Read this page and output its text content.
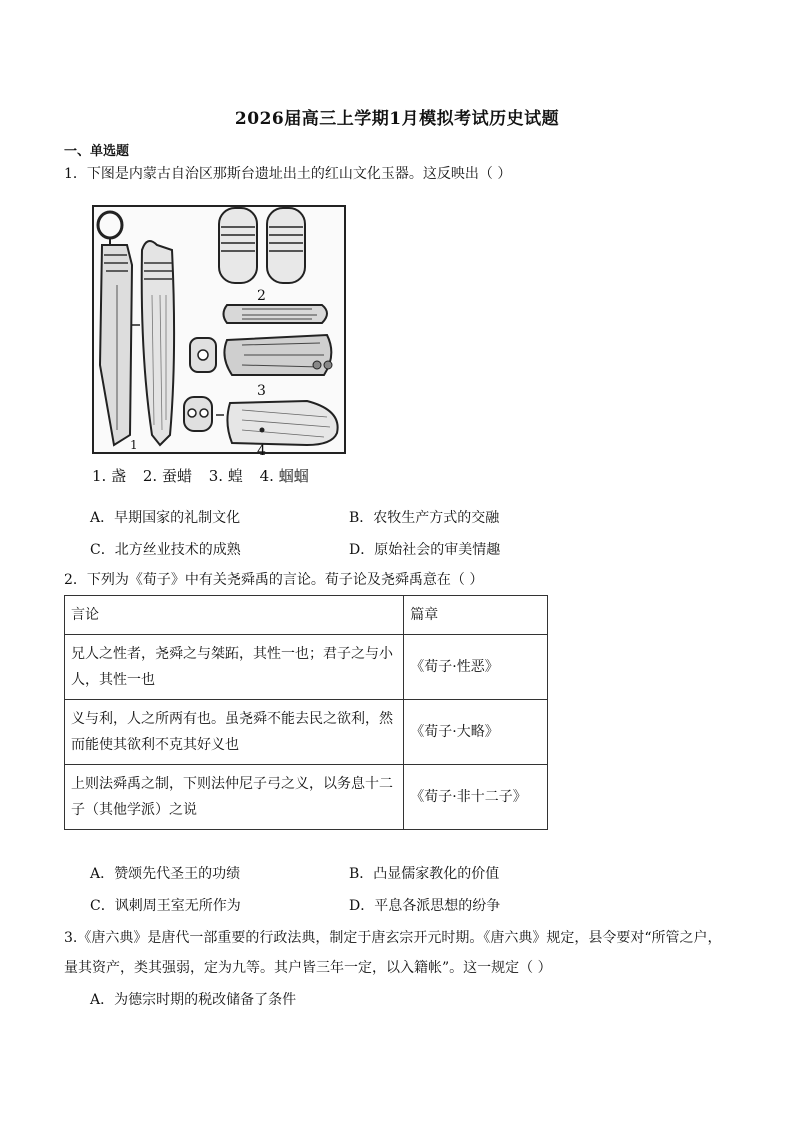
2026届高三上学期1月模拟考试历史试题
一、单选题
1．下图是内蒙古自治区那斯台遗址出土的红山文化玉器。这反映出（ ）
2
3
4
1
1. 盏 2. 蚕蜡 3. 蝗 4. 蝈蝈
A．早期国家的礼制文化	B．农牧生产方式的交融
C．北方丝业技术的成熟	D．原始社会的审美情趣
2．下列为《荀子》中有关尧舜禹的言论。荀子论及尧舜禹意在（ ）
言论	篇章

兄人之性者，尧舜之与桀跖，其性一也；君子之与小
人，其性一也	《荀子·性恶》

义与利，人之所两有也。虽尧舜不能去民之欲利，然
而能使其欲利不克其好义也	《荀子·大略》

上则法舜禹之制，下则法仲尼子弓之义，以务息十二
子（其他学派）之说	《荀子·非十二子》
A．赞颂先代圣王的功绩	B．凸显儒家教化的价值
C．讽刺周王室无所作为	D．平息各派思想的纷争
3.《唐六典》是唐代一部重要的行政法典，制定于唐玄宗开元时期。《唐六典》规定，县令要对“所管之户，
量其资产，类其强弱，定为九等。其户皆三年一定，以入籍帐”。这一规定（ ）
A．为德宗时期的税改储备了条件
